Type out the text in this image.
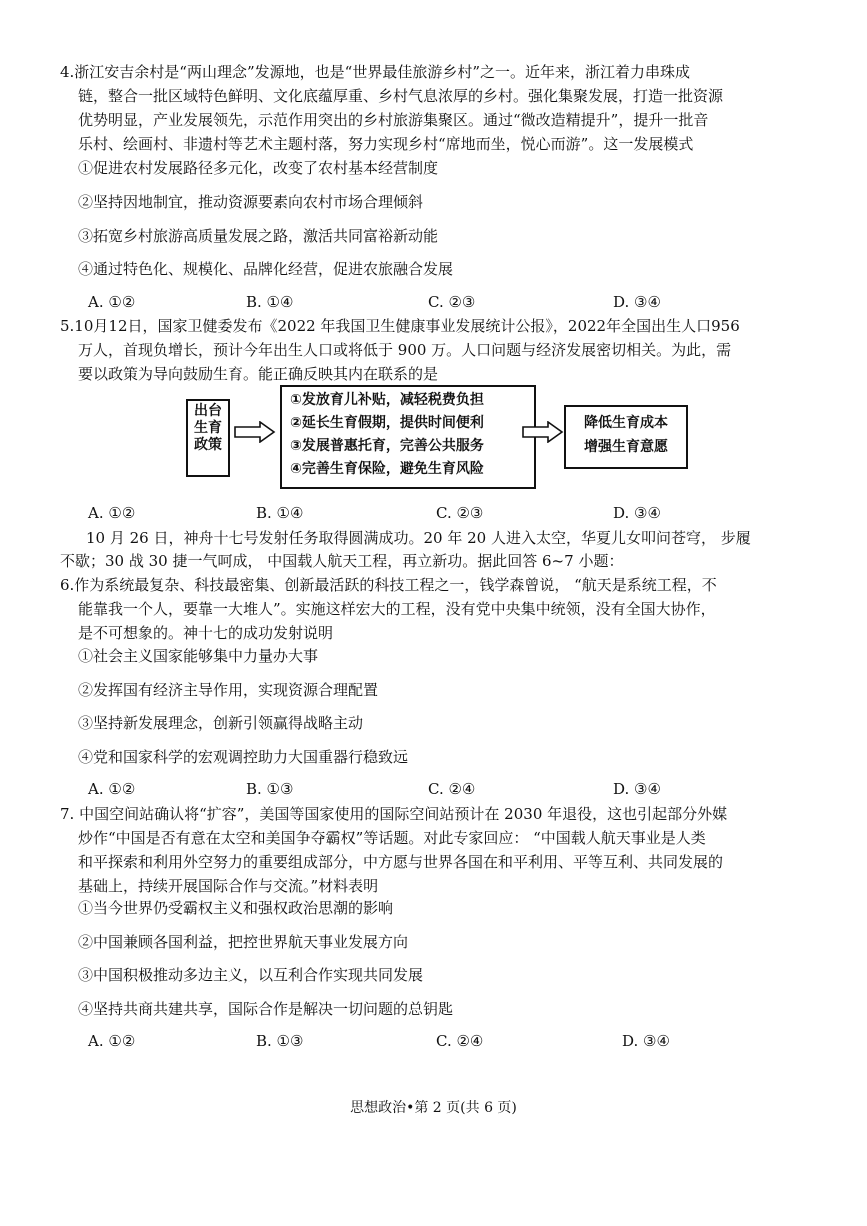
4.浙江安吉余村是“两山理念”发源地，也是“世界最佳旅游乡村”之一。近年来，浙江着力串珠成
链，整合一批区域特色鲜明、文化底蕴厚重、乡村气息浓厚的乡村。强化集聚发展，打造一批资源
优势明显，产业发展领先，示范作用突出的乡村旅游集聚区。通过“微改造精提升”，提升一批音
乐村、绘画村、非遗村等艺术主题村落，努力实现乡村“席地而坐，悦心而游”。这一发展模式
①促进农村发展路径多元化，改变了农村基本经营制度
②坚持因地制宜，推动资源要素向农村市场合理倾斜
③拓宽乡村旅游高质量发展之路，激活共同富裕新动能
④通过特色化、规模化、品牌化经营，促进农旅融合发展
A. ①②	B. ①④	C. ②③	D. ③④
5.10月12日，国家卫健委发布《2022 年我国卫生健康事业发展统计公报》，2022年全国出生人口956
万人，首现负增长，预计今年出生人口或将低于 900 万。人口问题与经济发展密切相关。为此，需
要以政策为导向鼓励生育。能正确反映其内在联系的是
出台生育政策
①发放育儿补贴，减轻税费负担
②延长生育假期，提供时间便利
③发展普惠托育，完善公共服务
④完善生育保险，避免生育风险
降低生育成本
增强生育意愿
A. ①②	B. ①④	C. ②③	D. ③④
10 月 26 日，神舟十七号发射任务取得圆满成功。20 年 20 人进入太空，华夏儿女叩问苍穹， 步履
不歇；30 战 30 捷一气呵成， 中国载人航天工程，再立新功。据此回答 6~7 小题：
6.作为系统最复杂、科技最密集、创新最活跃的科技工程之一，钱学森曾说， “航天是系统工程，不
能靠我一个人，要靠一大堆人”。实施这样宏大的工程，没有党中央集中统领，没有全国大协作，
是不可想象的。神十七的成功发射说明
①社会主义国家能够集中力量办大事
②发挥国有经济主导作用，实现资源合理配置
③坚持新发展理念，创新引领赢得战略主动
④党和国家科学的宏观调控助力大国重器行稳致远
A. ①②	B. ①③	C. ②④	D. ③④
7. 中国空间站确认将“扩容”，美国等国家使用的国际空间站预计在 2030 年退役，这也引起部分外媒
炒作“中国是否有意在太空和美国争夺霸权”等话题。对此专家回应： “中国载人航天事业是人类
和平探索和利用外空努力的重要组成部分，中方愿与世界各国在和平利用、平等互利、共同发展的
基础上，持续开展国际合作与交流。”材料表明
①当今世界仍受霸权主义和强权政治思潮的影响
②中国兼顾各国利益，把控世界航天事业发展方向
③中国积极推动多边主义，以互利合作实现共同发展
④坚持共商共建共享，国际合作是解决一切问题的总钥匙
A. ①②	B. ①③	C. ②④	D. ③④
思想政治•第 2 页(共 6 页)
